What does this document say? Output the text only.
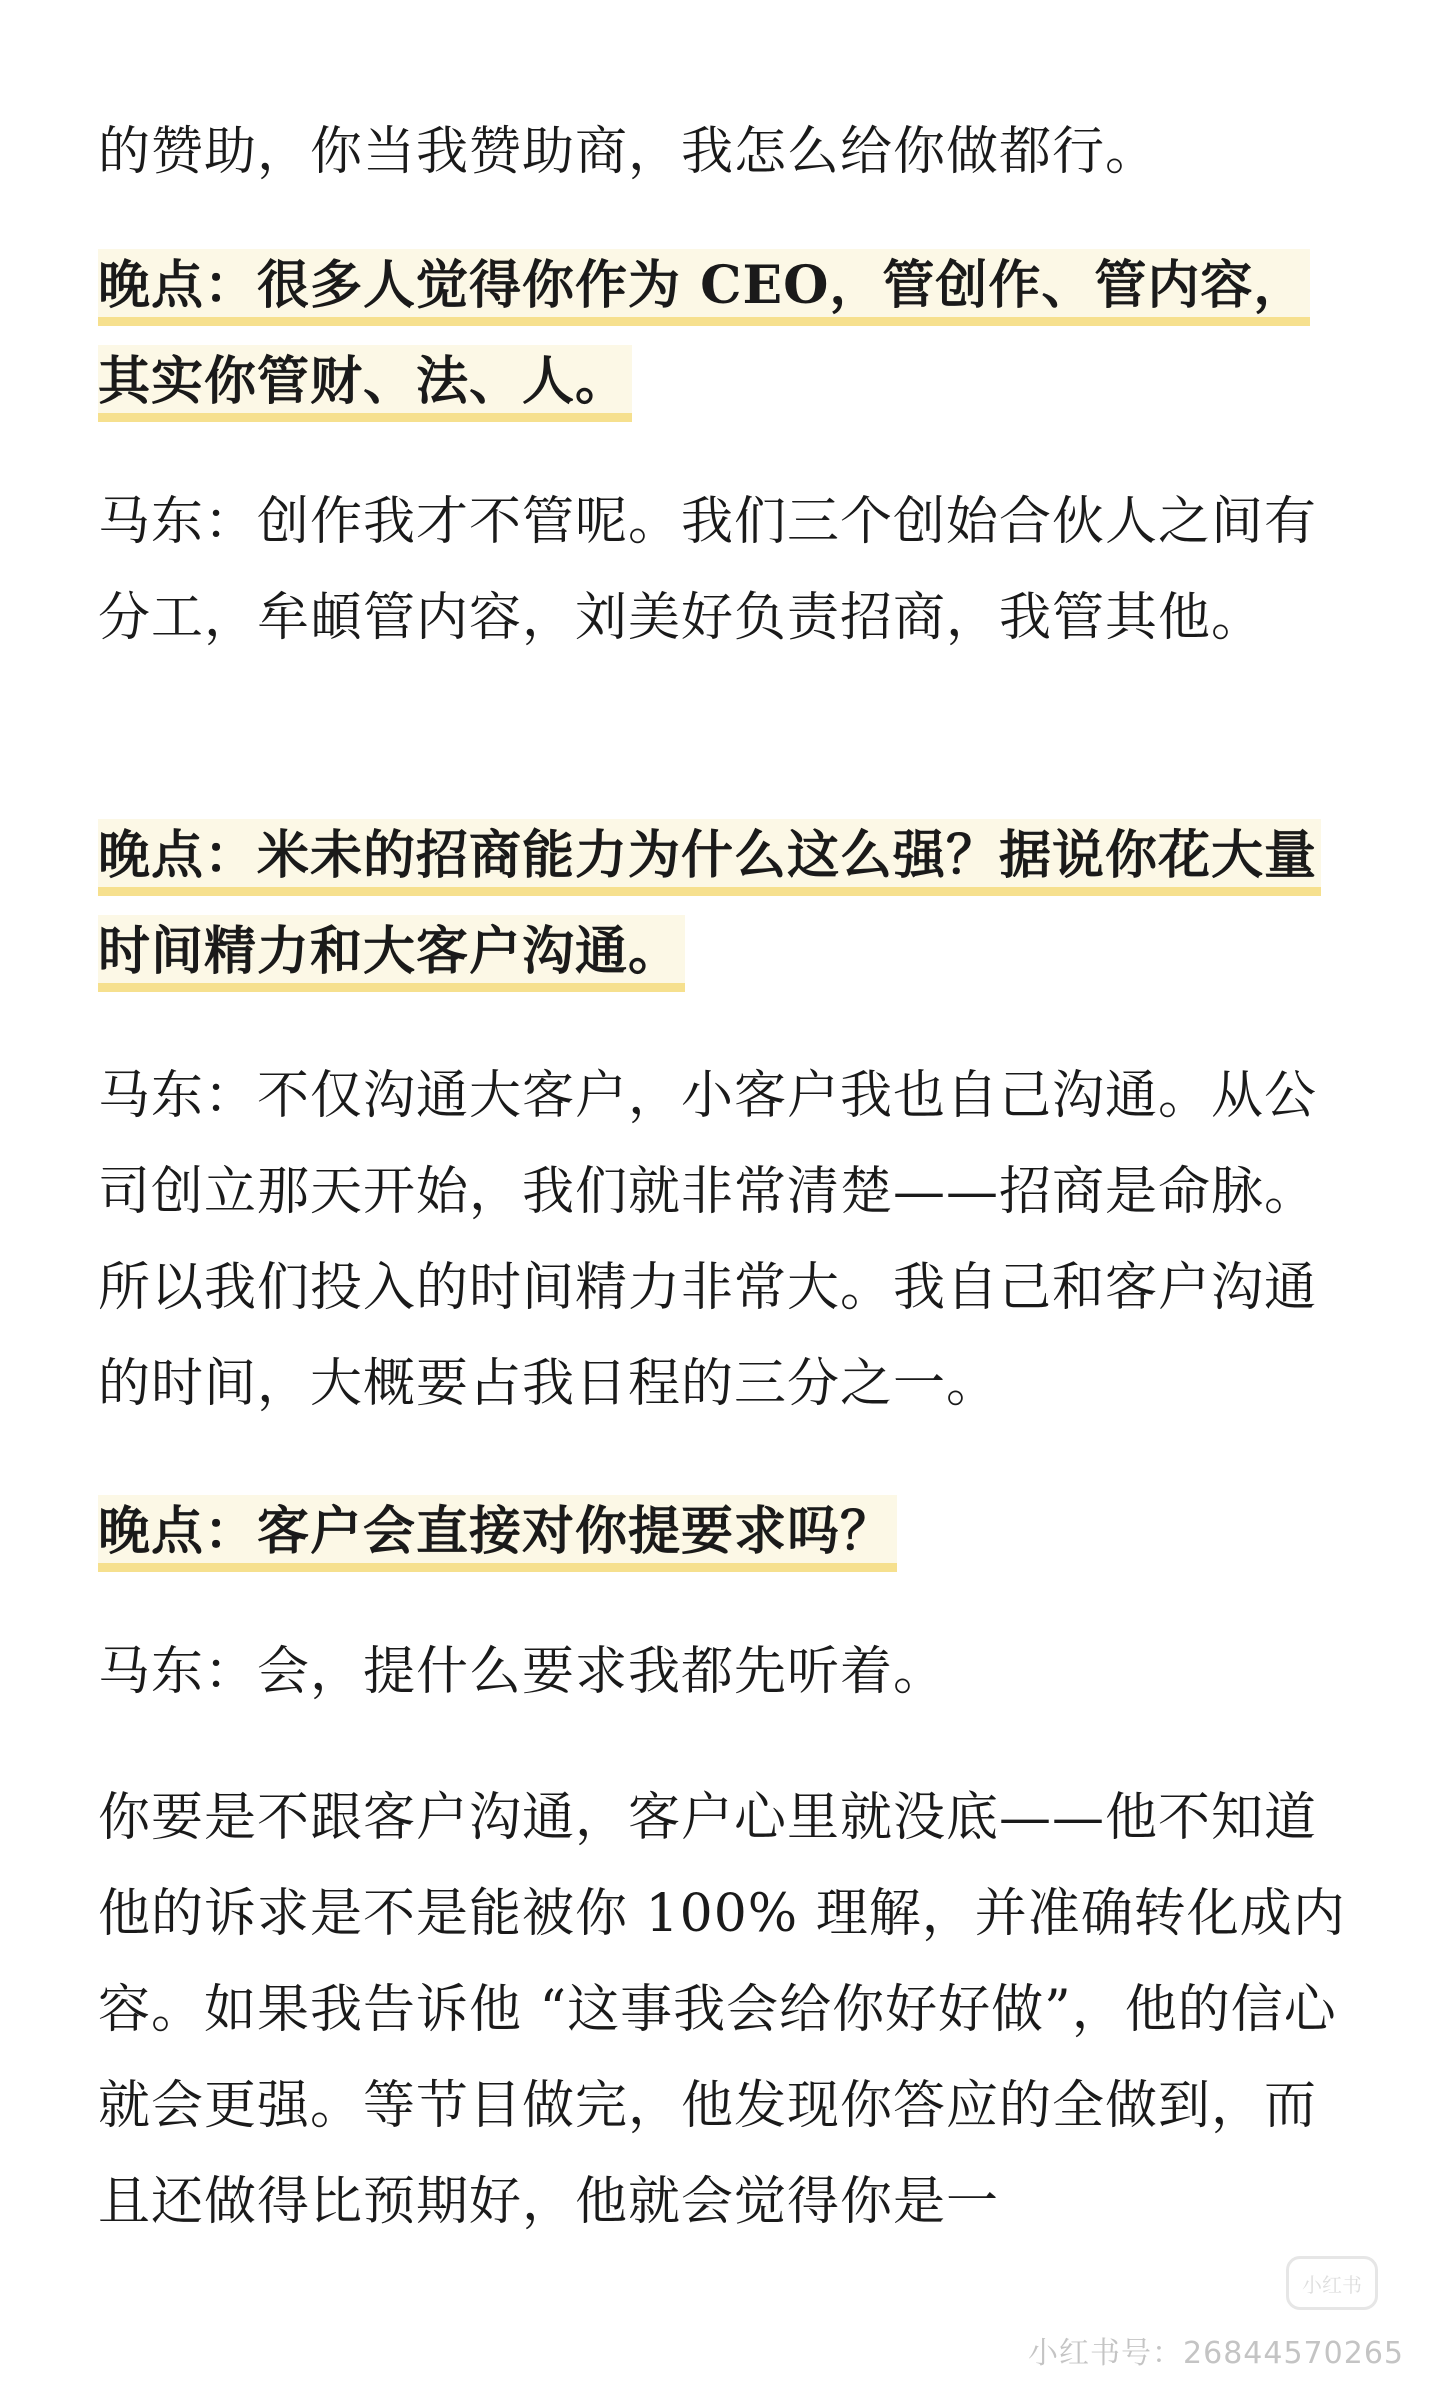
的赞助，你当我赞助商，我怎么给你做都行。

晚点：很多人觉得你作为 CEO，管创作、管内容，其实你管财、法、人。

马东：创作我才不管呢。我们三个创始合伙人之间有分工，牟頔管内容，刘美好负责招商，我管其他。

晚点：米未的招商能力为什么这么强？据说你花大量时间精力和大客户沟通。

马东：不仅沟通大客户，小客户我也自己沟通。从公司创立那天开始，我们就非常清楚——招商是命脉。所以我们投入的时间精力非常大。我自己和客户沟通的时间，大概要占我日程的三分之一。

晚点：客户会直接对你提要求吗？

马东：会，提什么要求我都先听着。

你要是不跟客户沟通，客户心里就没底——他不知道他的诉求是不是能被你 100% 理解，并准确转化成内容。如果我告诉他 “这事我会给你好好做”，他的信心就会更强。等节目做完，他发现你答应的全做到，而且还做得比预期好，他就会觉得你是一

小红书
小红书号：26844570265
